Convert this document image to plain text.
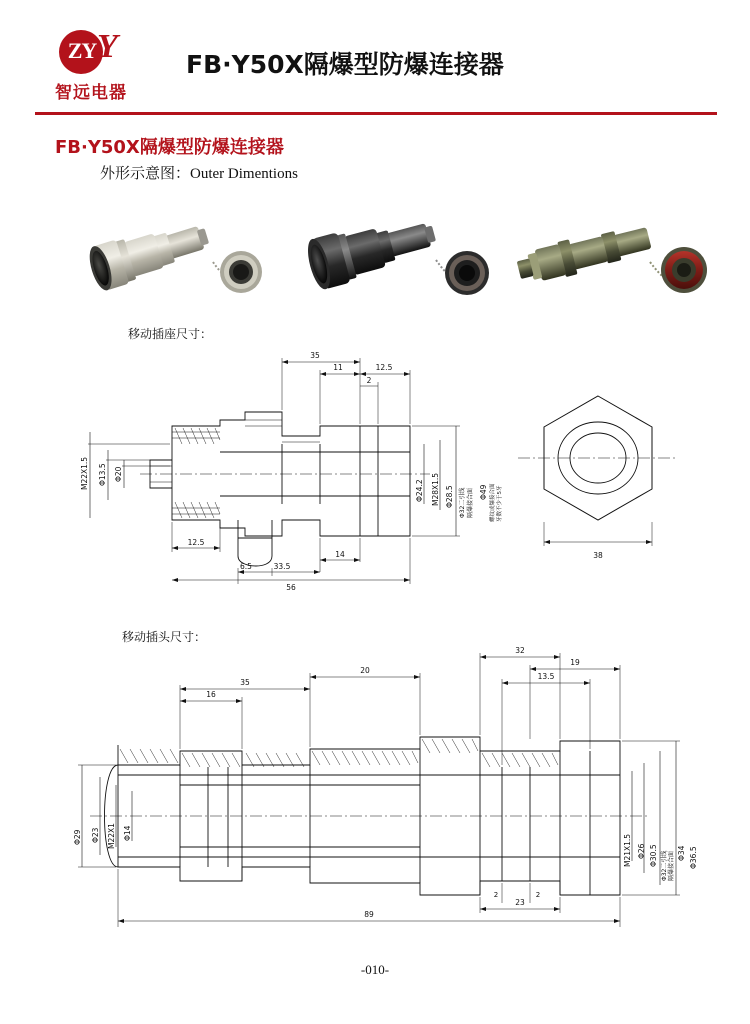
ZY Y
智远电器
FB·Y50X隔爆型防爆连接器
FB·Y50X隔爆型防爆连接器
外形示意图：Outer Dimentions
移动插座尺寸：
35
11	12.5
2
12.5
6.5	33.5
14
56
M22X1.5 Φ13.5 Φ20
Φ24.2 M28X1.5 Φ28.5 Φ32二引线 隔爆接合面 Φ49 螺纹或爆接合面 牙数不少于5牙
38
移动插头尺寸：
32
19
13.5
20
35
16
89
23
2	2
Φ29 Φ23 M22X1 Φ14
M21X1.5 Φ26 Φ30.5 Φ32二引线 隔爆接合面 Φ34 Φ36.5
-010-
